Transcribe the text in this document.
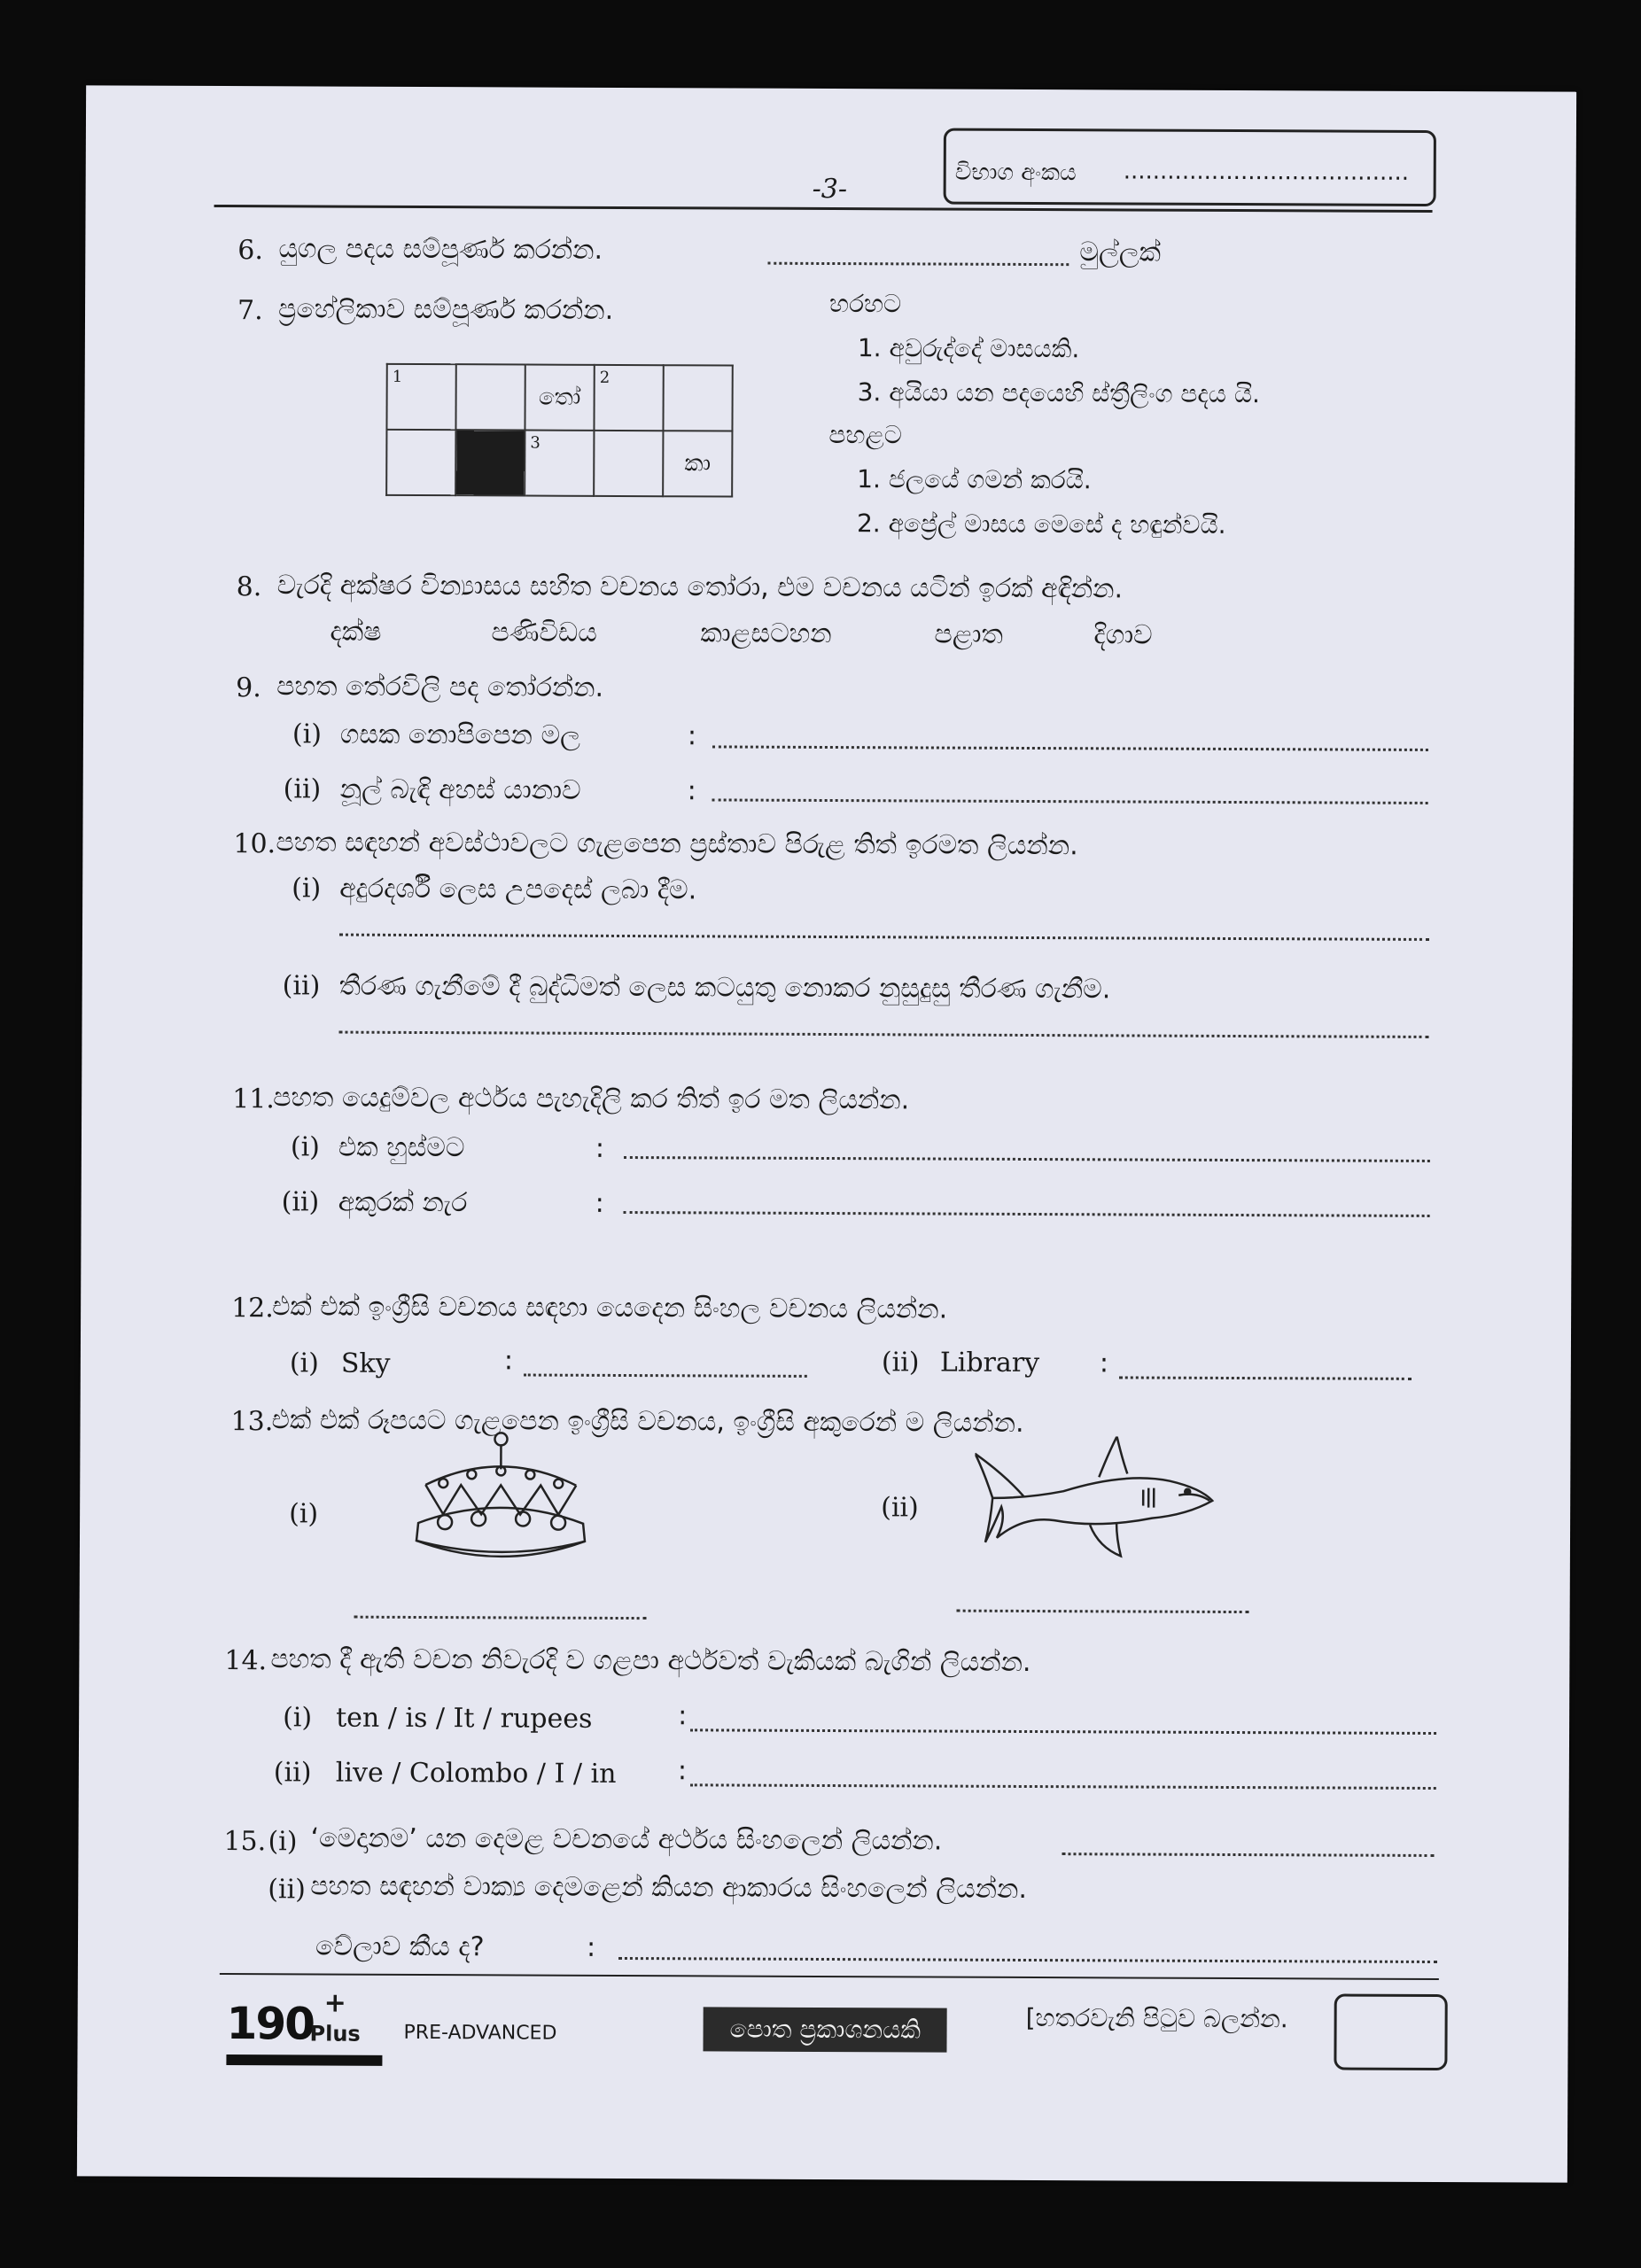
-3-
විභාග අංකය .......................................
6. යුගල පදය සම්පූර්ණ කරන්න.	මුල්ලක්
7. ප්‍රහේලිකාව සම්පූර්ණ කරන්න.
1		තෝ	2	

		3		කා
හරහට
1. අවුරුද්දේ මාසයකි.
3. අයියා යන පදයෙහි ස්ත්‍රීලිංග පදය යි.
පහළට
1. ජලයේ ගමන් කරයි.
2. අප්‍රේල් මාසය මෙසේ ද හඳුන්වයි.
8. වැරදි අක්ෂර වින්‍යාසය සහිත වචනය තෝරා, එම වචනය යටින් ඉරක් අඳින්න.
දක්ෂ	පණිවිඩය	කාළසටහන	පළාත	දිගාව
9. පහත තේරවිලි පද තෝරන්න.
(i) ගසක නොපිපෙන මල	:
(ii) නූල් බැඳි අහස් යානාව	:
10. පහත සඳහන් අවස්ථාවලට ගැළපෙන ප්‍රස්තාව පිරුළ තිත් ඉරමත ලියන්න.
(i) අදුරදර්ශී ලෙස උපදෙස් ලබා දීම.
(ii) තීරණ ගැනීමේ දී බුද්ධිමත් ලෙස කටයුතු නොකර නුසුදුසු තීරණ ගැනීම.
11.
පහත යෙදුම්වල අර්ථය පැහැදිලි කර තිත් ඉර මත ලියන්න.
(i) එක හුස්මට	:
(ii) අකුරක් නැර	:
12.
එක් එක් ඉංග්‍රීසි වචනය සඳහා යෙදෙන සිංහල වචනය ලියන්න.
(i) Sky	:	(ii) Library :
13.
එක් එක් රූපයට ගැළපෙන ඉංග්‍රීසි වචනය, ඉංග්‍රීසි අකුරෙන් ම ලියන්න.
(i)	(ii)
14. පහත දී ඇති වචන නිවැරදි ව ගළපා අර්ථවත් වැකියක් බැගින් ලියන්න.
(i) ten / is / It / rupees	:
(ii) live / Colombo / I / in :
15. (i) ‘මෙදානම’ යන දෙමළ වචනයේ අර්ථය සිංහලෙන් ලියන්න.
(ii) පහත සඳහන් වාක්‍ය දෙමළෙන් කියන ආකාරය සිංහලෙන් ලියන්න.
වේලාව කීය ද?	:
190
Plus
+
PRE-ADVANCED	පොත ප්‍රකාශනයකි	[හතරවැනි පිටුව බලන්න.
